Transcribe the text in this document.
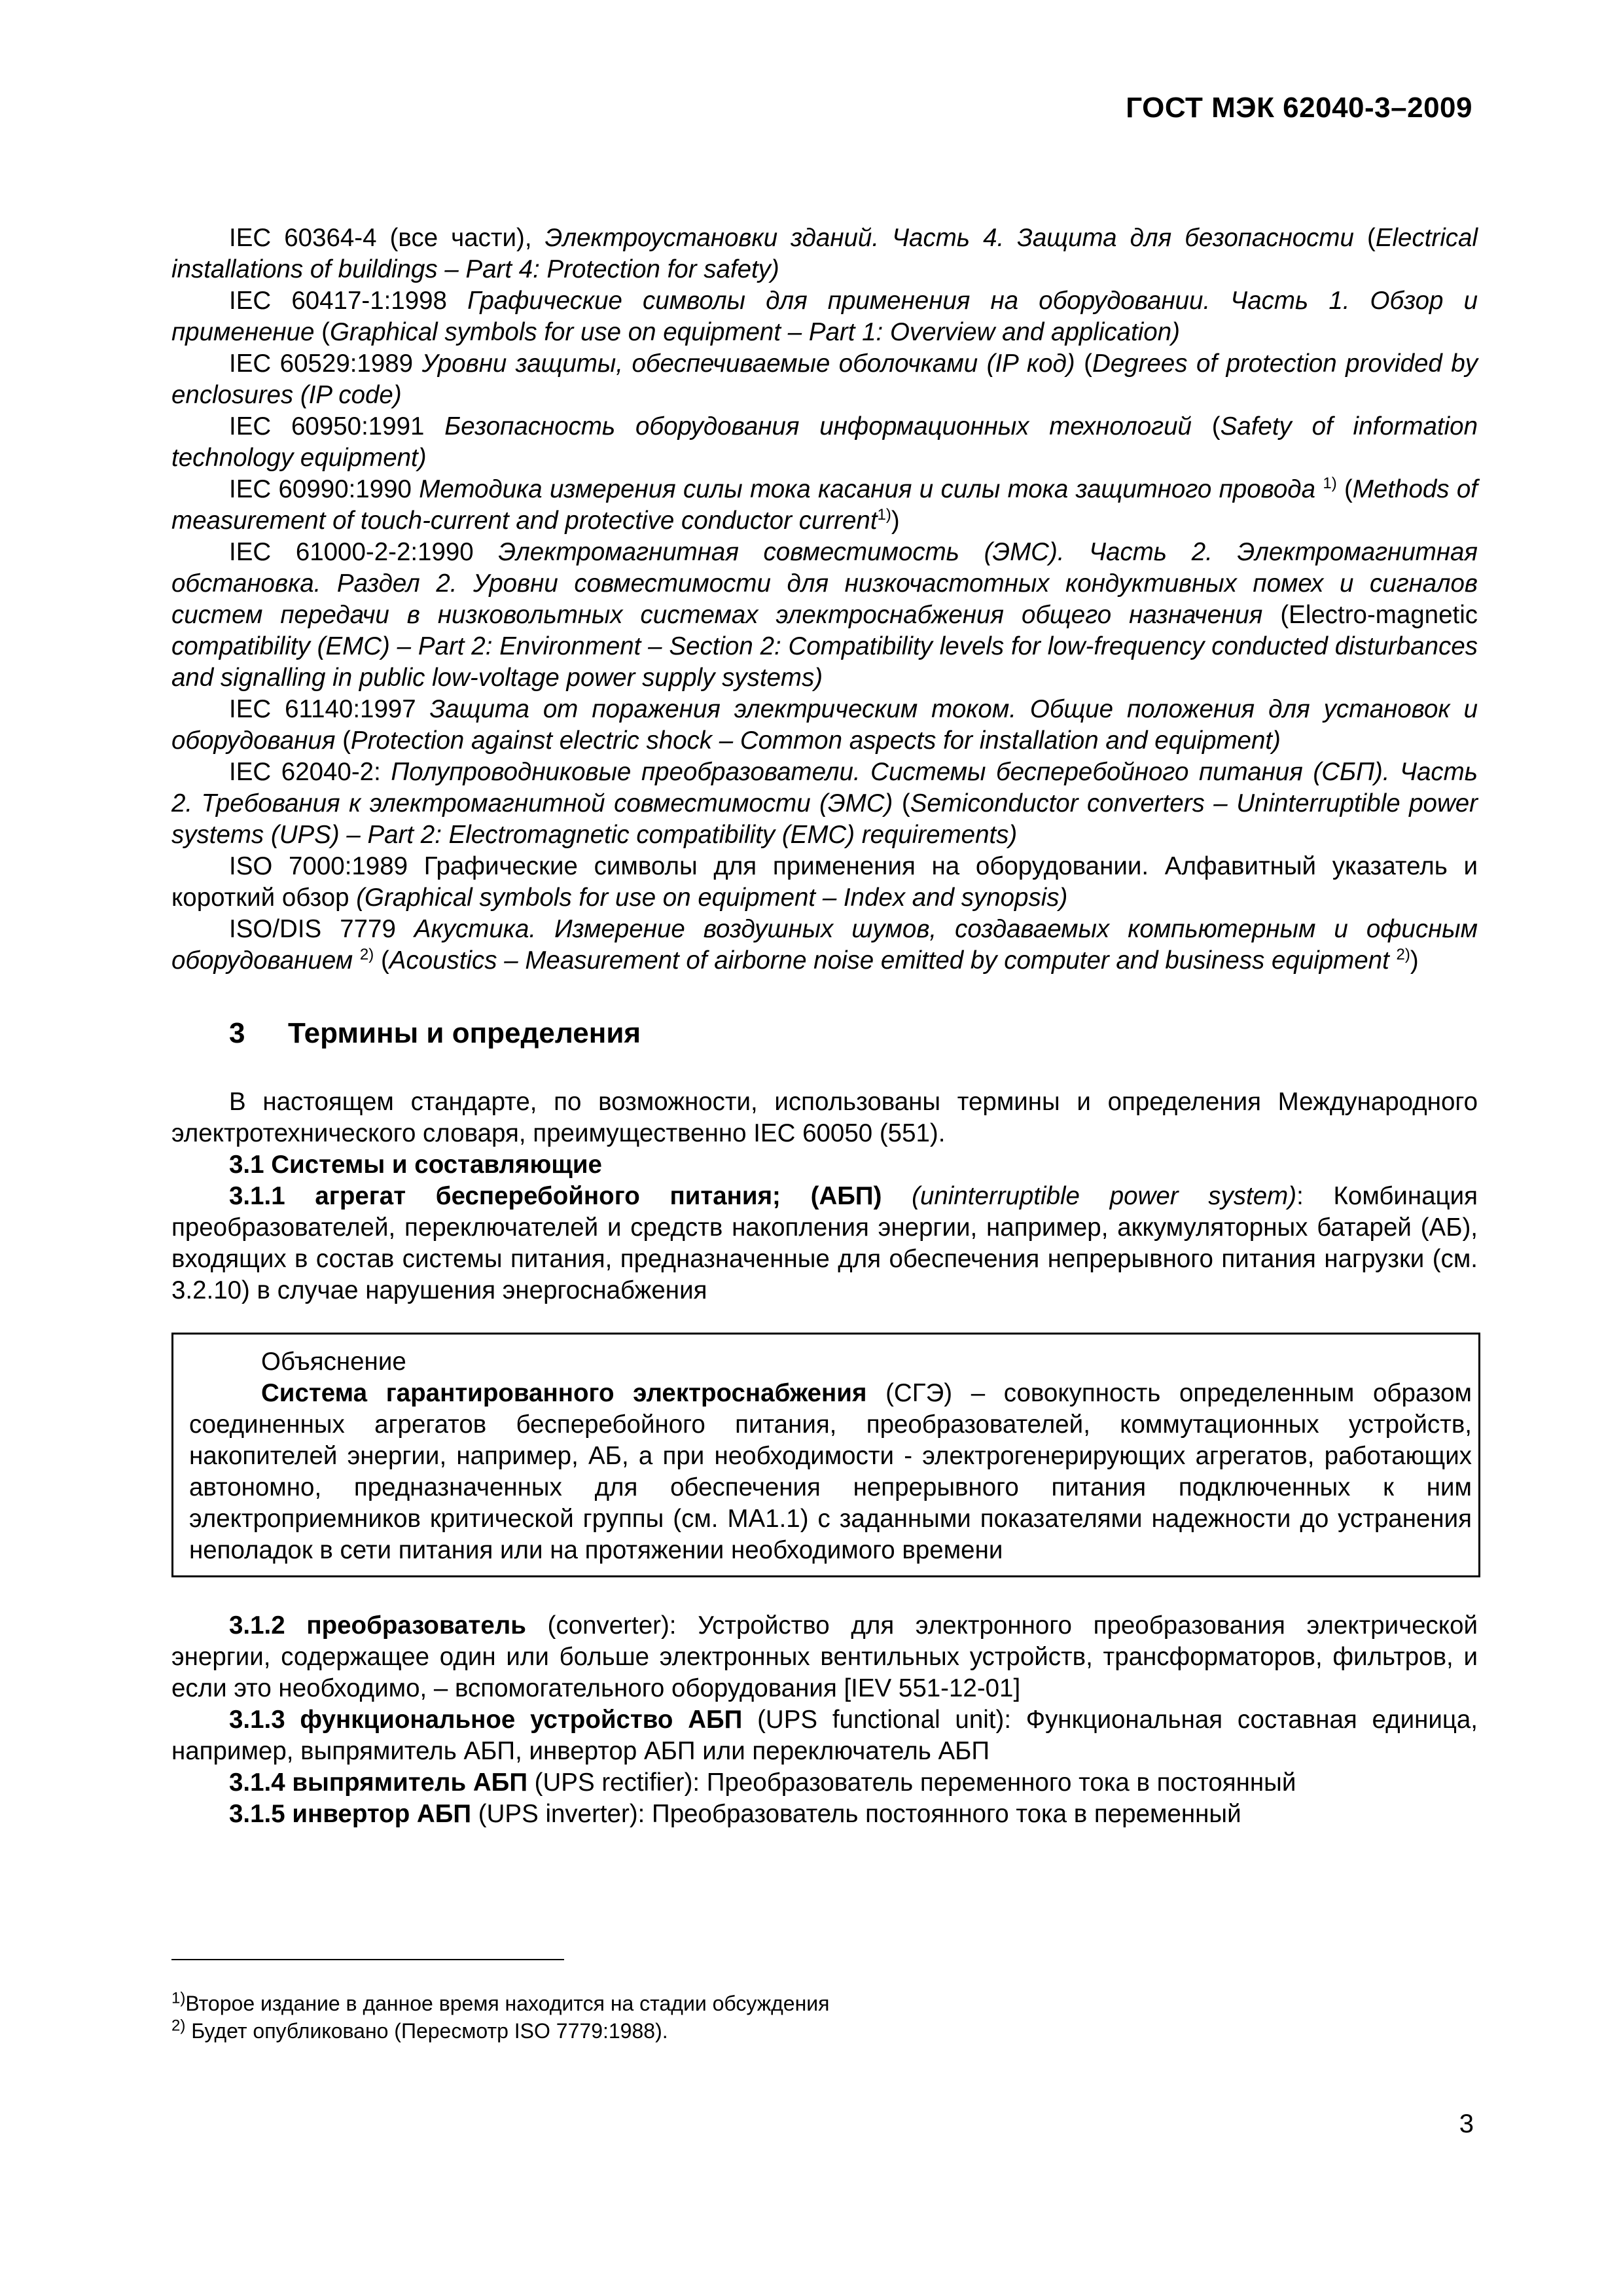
ГОСТ МЭК 62040-3–2009

IEC 60364-4 (все части), Электроустановки зданий. Часть 4. Защита для безопасности (Electrical installations of buildings – Part 4: Protection for safety)

IEC 60417-1:1998 Графические символы для применения на оборудовании. Часть 1. Обзор и применение (Graphical symbols for use on equipment – Part 1: Overview and application)

IEC 60529:1989 Уровни защиты, обеспечиваемые оболочками (IP код) (Degrees of protection provided by enclosures (IP code)

IEC 60950:1991 Безопасность оборудования информационных технологий (Safety of information technology equipment)

IEC 60990:1990 Методика измерения силы тока касания и силы тока защитного провода $^{1)}$ (Methods of measurement of touch-current and protective conductor current$^{1)}$)

IEC 61000-2-2:1990 Электромагнитная совместимость (ЭМС). Часть 2. Электромагнитная обстановка. Раздел 2. Уровни совместимости для низкочастотных кондуктивных помех и сигналов систем передачи в низковольтных системах электроснабжения общего назначения (Electro-magnetic compatibility (EMC) – Part 2: Environment – Section 2: Compatibility levels for low-frequency conducted disturbances and signalling in public low-voltage power supply systems)

IEC 61140:1997 Защита от поражения электрическим током. Общие положения для установок и оборудования (Protection against electric shock – Common aspects for installation and equipment)

IEC 62040-2: Полупроводниковые преобразователи. Системы бесперебойного питания (СБП). Часть 2. Требования к электромагнитной совместимости (ЭМС) (Semiconductor converters – Uninterruptible power systems (UPS) – Part 2: Electromagnetic compatibility (EMC) requirements)

ISO 7000:1989 Графические символы для применения на оборудовании. Алфавитный указатель и короткий обзор (Graphical symbols for use on equipment – Index and synopsis)

ISO/DIS 7779 Акустика. Измерение воздушных шумов, создаваемых компьютерным и офисным оборудованием $^{2)}$ (Acoustics – Measurement of airborne noise emitted by computer and business equipment $^{2)}$)

3 Термины и определения

В настоящем стандарте, по возможности, использованы термины и определения Международного электротехнического словаря, преимущественно IEC 60050 (551).

3.1 Системы и составляющие

3.1.1 агрегат бесперебойного питания; (АБП) (uninterruptible power system): Комбинация преобразователей, переключателей и средств накопления энергии, например, аккумуляторных батарей (АБ), входящих в состав системы питания, предназначенные для обеспечения непрерывного питания нагрузки (см. 3.2.10) в случае нарушения энергоснабжения

Объяснение

Система гарантированного электроснабжения (СГЭ) – совокупность определенным образом соединенных агрегатов бесперебойного питания, преобразователей, коммутационных устройств, накопителей энергии, например, АБ, а при необходимости - электрогенерирующих агрегатов, работающих автономно, предназначенных для обеспечения непрерывного питания подключенных к ним электроприемников критической группы (см. МА1.1) с заданными показателями надежности до устранения неполадок в сети питания или на протяжении необходимого времени

3.1.2 преобразователь (converter): Устройство для электронного преобразования электрической энергии, содержащее один или больше электронных вентильных устройств, трансформаторов, фильтров, и если это необходимо, – вспомогательного оборудования [IEV 551-12-01]

3.1.3 функциональное устройство АБП (UPS functional unit): Функциональная составная единица, например, выпрямитель АБП, инвертор АБП или переключатель АБП

3.1.4 выпрямитель АБП (UPS rectifier): Преобразователь переменного тока в постоянный

3.1.5 инвертор АБП (UPS inverter): Преобразователь постоянного тока в переменный

$^{1)}$Второе издание в данное время находится на стадии обсуждения
$^{2)}$ Будет опубликовано (Пересмотр ISO 7779:1988).
3
